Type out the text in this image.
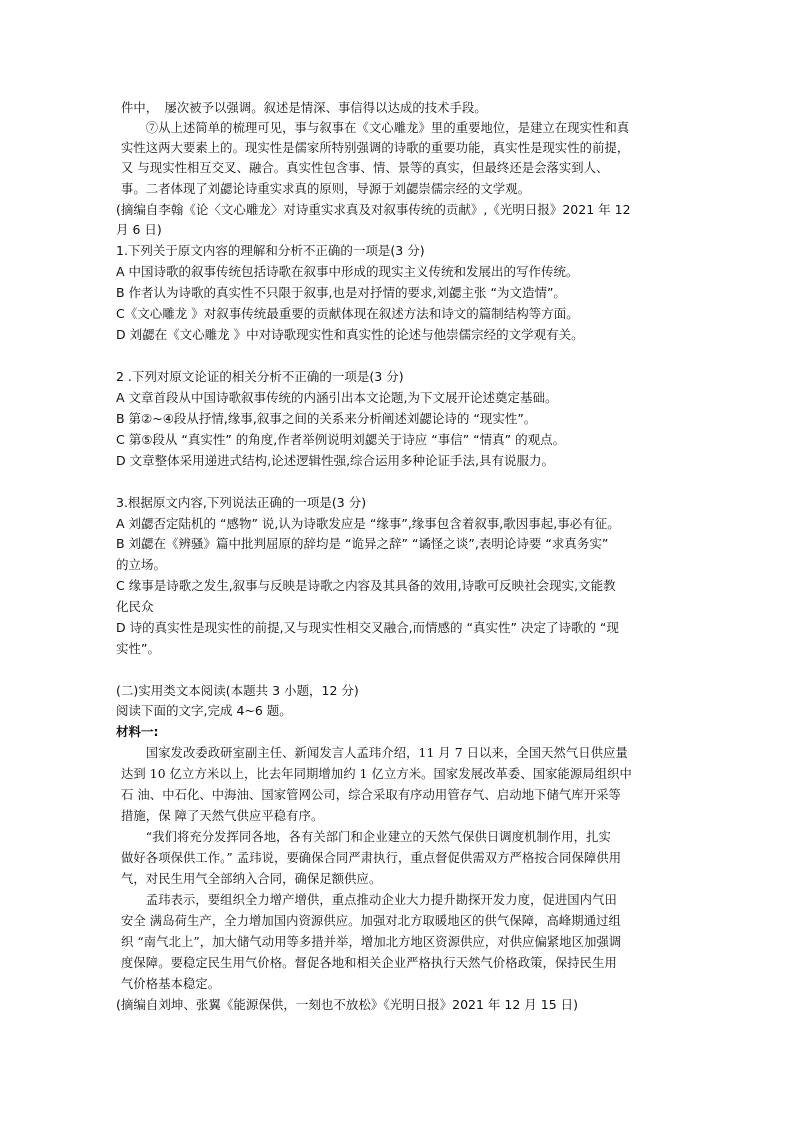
件中，　屡次被予以强调。叙述是情深、事信得以达成的技术手段。
　　⑦从上述简单的梳理可见，事与叙事在《文心雕龙》里的重要地位，是建立在现实性和真
实性这两大要素上的。现实性是儒家所特别强调的诗歌的重要功能，真实性是现实性的前提，
又 与现实性相互交叉、融合。真实性包含事、情、景等的真实，但最终还是会落实到人、
事。二者体现了刘勰论诗重实求真的原则，导源于刘勰崇儒宗经的文学观。
(摘编自李翰《论〈文心雕龙〉对诗重实求真及对叙事传统的贡献》,《光明日报》2021 年 12
月 6 日)
1.下列关于原文内容的理解和分析不正确的一项是(3 分)
A 中国诗歌的叙事传统包括诗歌在叙事中形成的现实主义传统和发展出的写作传统。
B 作者认为诗歌的真实性不只限于叙事,也是对抒情的要求,刘勰主张 “为文造情”。
C《文心雕龙 》对叙事传统最重要的贡献体现在叙述方法和诗文的篇制结构等方面。
D 刘勰在《文心雕龙 》中对诗歌现实性和真实性的论述与他崇儒宗经的文学观有关。
2 .下列对原文论证的相关分析不正确的一项是(3 分)
A 文章首段从中国诗歌叙事传统的内涵引出本文论题,为下文展开论述奠定基础。
B 第②~④段从抒情,缘事,叙事之间的关系来分析阐述刘勰论诗的 “现实性”。
C 第⑤段从 “真实性” 的角度,作者举例说明刘勰关于诗应 “事信” “情真” 的观点。
D 文章整体采用递进式结构,论述逻辑性强,综合运用多种论证手法,具有说服力。
3.根据原文内容,下列说法正确的一项是(3 分)
A 刘勰否定陆机的 “感物” 说,认为诗歌发应是 “缘事”,缘事包含着叙事,歌因事起,事必有征。
B 刘勰在《辨骚》篇中批判屈原的辞均是 “诡异之辞” “谲怪之谈”,表明论诗要 “求真务实”
的立场。
C 缘事是诗歌之发生,叙事与反映是诗歌之内容及其具备的效用,诗歌可反映社会现实,文能教
化民众
D 诗的真实性是现实性的前提,又与现实性相交叉融合,而情感的 “真实性” 决定了诗歌的 “现
实性”。
(二)实用类文本阅读(本题共 3 小题，12 分)
阅读下面的文字,完成 4~6 题。
材料一:
　　国家发改委政研室副主任、新闻发言人孟玮介绍，11 月 7 日以来，全国天然气日供应量
达到 10 亿立方米以上，比去年同期增加约 1 亿立方米。国家发展改革委、国家能源局组织中
石 油、中石化、中海油、国家管网公司，综合采取有序动用管存气、启动地下储气库开采等
措施，保 障了天然气供应平稳有序。
　　“我们将充分发挥同各地，各有关部门和企业建立的天然气保供日调度机制作用，扎实
做好各项保供工作。” 孟玮说，要确保合同严肃执行，重点督促供需双方严格按合同保障供用
气，对民生用气全部纳入合同，确保足额供应。
　　孟玮表示，要组织全力增产增供，重点推动企业大力提升勘探开发力度，促进国内气田
安全 满岛荷生产，全力增加国内资源供应。加强对北方取暖地区的供气保障，高峰期通过组
织 “南气北上”，加大储气动用等多措并举，增加北方地区资源供应，对供应偏紧地区加强调
度保障。要稳定民生用气价格。督促各地和相关企业严格执行天然气价格政策，保持民生用
气价格基本稳定。
(摘编自刘坤、张翼《能源保供，一刻也不放松》《光明日报》2021 年 12 月 15 日)
